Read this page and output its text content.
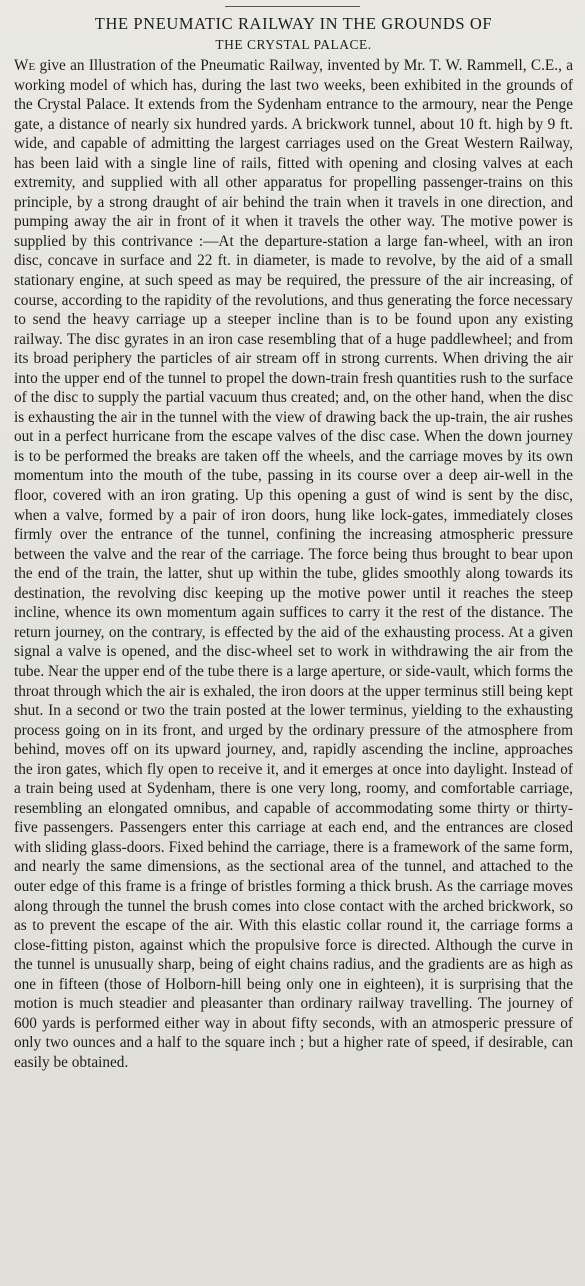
THE PNEUMATIC RAILWAY IN THE GROUNDS OF
THE CRYSTAL PALACE.

We give an Illustration of the Pneumatic Railway, invented by Mr. T. W. Rammell, C.E., a working model of which has, during the last two weeks, been exhibited in the grounds of the Crystal Palace. It extends from the Sydenham entrance to the armoury, near the Penge gate, a distance of nearly six hundred yards. A brickwork tunnel, about 10 ft. high by 9 ft. wide, and capable of admitting the largest carriages used on the Great Western Railway, has been laid with a single line of rails, fitted with opening and closing valves at each extremity, and supplied with all other apparatus for propelling passenger-trains on this principle, by a strong draught of air behind the train when it travels in one direction, and pumping away the air in front of it when it travels the other way. The motive power is supplied by this contrivance :—At the departure-station a large fan-wheel, with an iron disc, concave in surface and 22 ft. in diameter, is made to revolve, by the aid of a small stationary engine, at such speed as may be required, the pressure of the air increasing, of course, according to the rapidity of the revolutions, and thus generating the force necessary to send the heavy carriage up a steeper incline than is to be found upon any existing railway. The disc gyrates in an iron case resembling that of a huge paddlewheel; and from its broad periphery the particles of air stream off in strong currents. When driving the air into the upper end of the tunnel to propel the down-train fresh quantities rush to the surface of the disc to supply the partial vacuum thus created; and, on the other hand, when the disc is exhausting the air in the tunnel with the view of drawing back the up-train, the air rushes out in a perfect hurricane from the escape valves of the disc case. When the down journey is to be performed the breaks are taken off the wheels, and the carriage moves by its own momentum into the mouth of the tube, passing in its course over a deep air-well in the floor, covered with an iron grating. Up this opening a gust of wind is sent by the disc, when a valve, formed by a pair of iron doors, hung like lock-gates, immediately closes firmly over the entrance of the tunnel, confining the increasing atmospheric pressure between the valve and the rear of the carriage. The force being thus brought to bear upon the end of the train, the latter, shut up within the tube, glides smoothly along towards its destination, the revolving disc keeping up the motive power until it reaches the steep incline, whence its own momentum again suffices to carry it the rest of the distance. The return journey, on the contrary, is effected by the aid of the exhausting process. At a given signal a valve is opened, and the disc-wheel set to work in withdrawing the air from the tube. Near the upper end of the tube there is a large aperture, or side-vault, which forms the throat through which the air is exhaled, the iron doors at the upper terminus still being kept shut. In a second or two the train posted at the lower terminus, yielding to the exhausting process going on in its front, and urged by the ordinary pressure of the atmosphere from behind, moves off on its upward journey, and, rapidly ascending the incline, approaches the iron gates, which fly open to receive it, and it emerges at once into daylight. Instead of a train being used at Sydenham, there is one very long, roomy, and comfortable carriage, resembling an elongated omnibus, and capable of accommodating some thirty or thirty-five passengers. Passengers enter this carriage at each end, and the entrances are closed with sliding glass-doors. Fixed behind the carriage, there is a framework of the same form, and nearly the same dimensions, as the sectional area of the tunnel, and attached to the outer edge of this frame is a fringe of bristles forming a thick brush. As the carriage moves along through the tunnel the brush comes into close contact with the arched brickwork, so as to prevent the escape of the air. With this elastic collar round it, the carriage forms a close-fitting piston, against which the propulsive force is directed. Although the curve in the tunnel is unusually sharp, being of eight chains radius, and the gradients are as high as one in fifteen (those of Holborn-hill being only one in eighteen), it is surprising that the motion is much steadier and pleasanter than ordinary railway travelling. The journey of 600 yards is performed either way in about fifty seconds, with an atmosperic pressure of only two ounces and a half to the square inch ; but a higher rate of speed, if desirable, can easily be obtained.
